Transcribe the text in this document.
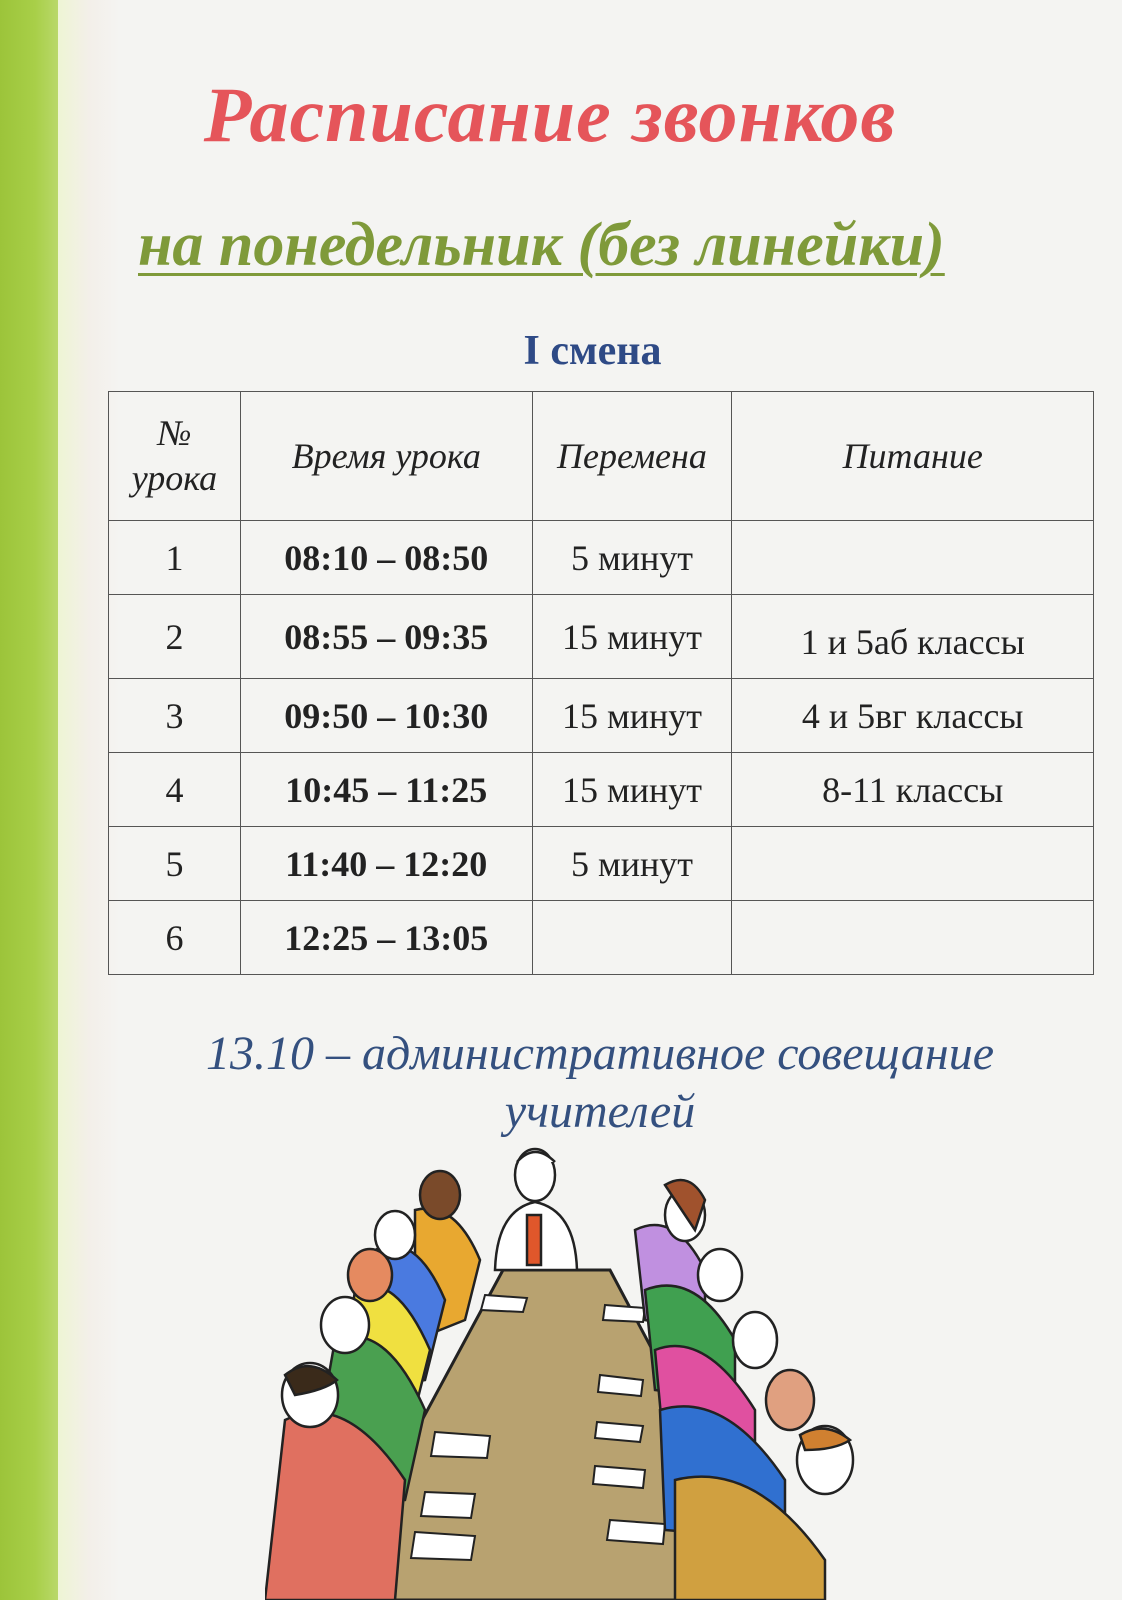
Расписание звонков
на понедельник (без линейки)
I смена
№
урока	Время урока	Перемена	Питание
1	08:10 – 08:50	5 минут	
2	08:55 – 09:35	15 минут	1 и 5аб классы
3	09:50 – 10:30	15 минут	4 и 5вг классы
4	10:45 – 11:25	15 минут	8-11 классы
5	11:40 – 12:20	5 минут	
6	12:25 – 13:05		
13.10 – административное совещание
учителей
